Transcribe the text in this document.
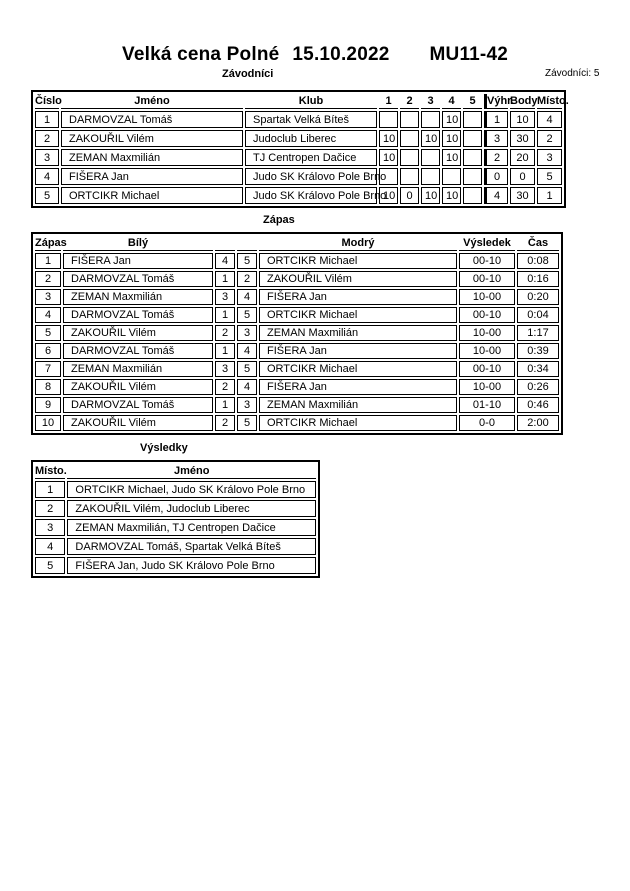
Velká cena Polné 15.10.2022 MU11-42
Závodníci	Závodníci: 5
Číslo	Jméno	Klub	1	2	3	4	5	Výhr.	Body	Místo.
1	DARMOVZAL Tomáš	Spartak Velká Bíteš				10		1	10	4
2	ZAKOUŘIL Vilém	Judoclub Liberec	10		10	10		3	30	2
3	ZEMAN Maxmilián	TJ Centropen Dačice	10			10		2	20	3
4	FIŠERA Jan	Judo SK Královo Pole Brno						0	0	5
5	ORTCIKR Michael	Judo SK Královo Pole Brno	10	0	10	10		4	30	1
Zápas
Zápas	Bílý			Modrý	Výsledek	Čas
1	FIŠERA Jan	4	5	ORTCIKR Michael	00-10	0:08
2	DARMOVZAL Tomáš	1	2	ZAKOUŘIL Vilém	00-10	0:16
3	ZEMAN Maxmilián	3	4	FIŠERA Jan	10-00	0:20
4	DARMOVZAL Tomáš	1	5	ORTCIKR Michael	00-10	0:04
5	ZAKOUŘIL Vilém	2	3	ZEMAN Maxmilián	10-00	1:17
6	DARMOVZAL Tomáš	1	4	FIŠERA Jan	10-00	0:39
7	ZEMAN Maxmilián	3	5	ORTCIKR Michael	00-10	0:34
8	ZAKOUŘIL Vilém	2	4	FIŠERA Jan	10-00	0:26
9	DARMOVZAL Tomáš	1	3	ZEMAN Maxmilián	01-10	0:46
10	ZAKOUŘIL Vilém	2	5	ORTCIKR Michael	0-0	2:00
Výsledky
Místo.	Jméno
1	ORTCIKR Michael, Judo SK Královo Pole Brno
2	ZAKOUŘIL Vilém, Judoclub Liberec
3	ZEMAN Maxmilián, TJ Centropen Dačice
4	DARMOVZAL Tomáš, Spartak Velká Bíteš
5	FIŠERA Jan, Judo SK Královo Pole Brno
